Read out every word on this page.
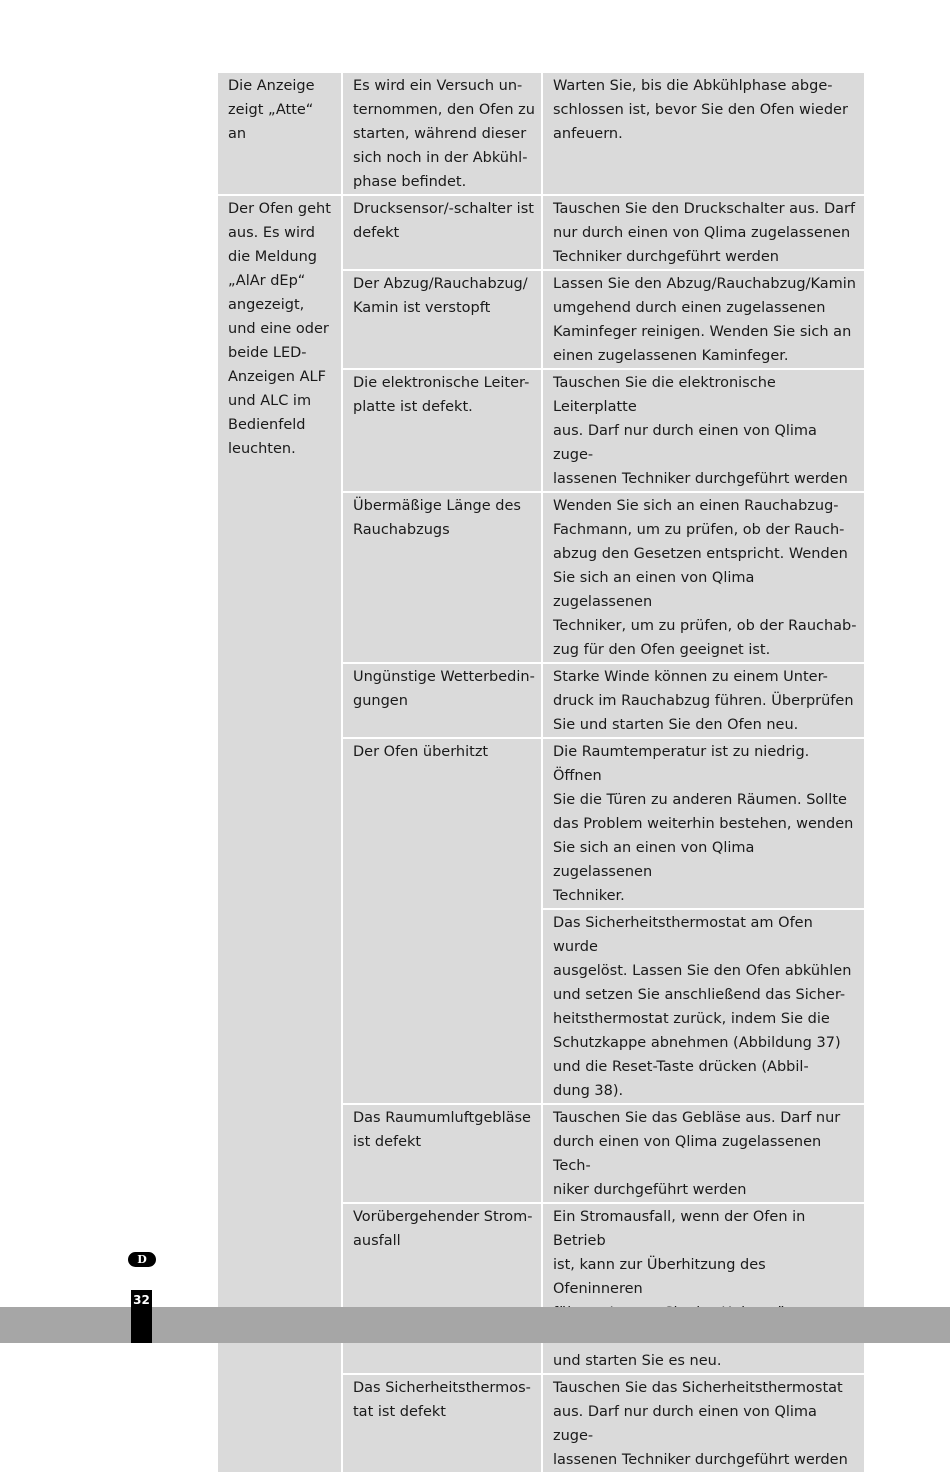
Die Anzeige
zeigt „Atte“
an
Es wird ein Versuch un-
ternommen, den Ofen zu
starten, während dieser
sich noch in der Abkühl-
phase befindet.
Warten Sie, bis die Abkühlphase abge-
schlossen ist, bevor Sie den Ofen wieder
anfeuern.
Der Ofen geht
aus. Es wird
die Meldung
„AlAr dEp“
angezeigt,
und eine oder
beide LED-
Anzeigen ALF
und ALC im
Bedienfeld
leuchten.
Drucksensor/-schalter ist
defekt
Tauschen Sie den Druckschalter aus. Darf
nur durch einen von Qlima zugelassenen
Techniker durchgeführt werden
Der Abzug/Rauchabzug/
Kamin ist verstopft
Lassen Sie den Abzug/Rauchabzug/Kamin
umgehend durch einen zugelassenen
Kaminfeger reinigen. Wenden Sie sich an
einen zugelassenen Kaminfeger.
Die elektronische Leiter-
platte ist defekt.
Tauschen Sie die elektronische Leiterplatte
aus. Darf nur durch einen von Qlima zuge-
lassenen Techniker durchgeführt werden
Übermäßige Länge des
Rauchabzugs
Wenden Sie sich an einen Rauchabzug-
Fachmann, um zu prüfen, ob der Rauch-
abzug den Gesetzen entspricht. Wenden
Sie sich an einen von Qlima zugelassenen
Techniker, um zu prüfen, ob der Rauchab-
zug für den Ofen geeignet ist.
Ungünstige Wetterbedin-
gungen
Starke Winde können zu einem Unter-
druck im Rauchabzug führen. Überprüfen
Sie und starten Sie den Ofen neu.
Der Ofen überhitzt	Die Raumtemperatur ist zu niedrig. Öffnen
Sie die Türen zu anderen Räumen. Sollte
das Problem weiterhin bestehen, wenden
Sie sich an einen von Qlima zugelassenen
Techniker.
Das Sicherheitsthermostat am Ofen wurde
ausgelöst. Lassen Sie den Ofen abkühlen
und setzen Sie anschließend das Sicher-
heitsthermostat zurück, indem Sie die
Schutzkappe abnehmen (Abbildung 37)
und die Reset-Taste drücken (Abbil-
dung 38).
Das Raumumluftgebläse
ist defekt
Tauschen Sie das Gebläse aus. Darf nur
durch einen von Qlima zugelassenen Tech-
niker durchgeführt werden
Vorübergehender Strom-
ausfall
Ein Stromausfall, wenn der Ofen in Betrieb
ist, kann zur Überhitzung des Ofeninneren

und starten Sie es neu.
Das Sicherheitsthermos-
tat ist defekt
Tauschen Sie das Sicherheitsthermostat
aus. Darf nur durch einen von Qlima zuge-
lassenen Techniker durchgeführt werden
D
32
